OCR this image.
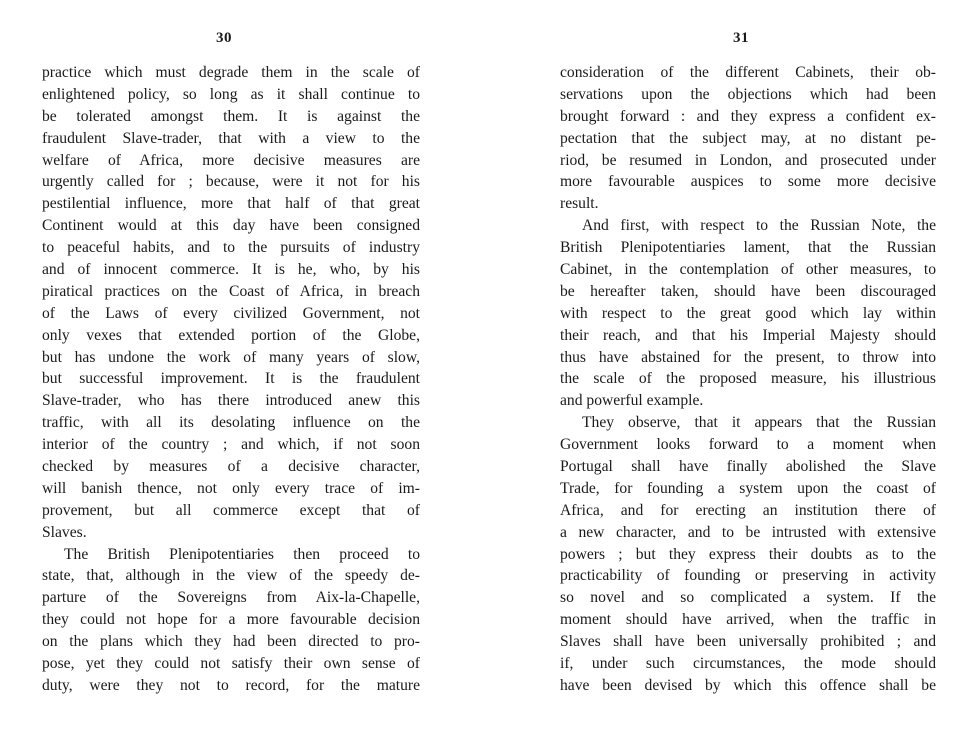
30
practice which must degrade them in the scale of
enlightened policy, so long as it shall continue to
be tolerated amongst them. It is against the
fraudulent Slave-trader, that with a view to the
welfare of Africa, more decisive measures are
urgently called for ; because, were it not for his
pestilential influence, more that half of that great
Continent would at this day have been consigned
to peaceful habits, and to the pursuits of industry
and of innocent commerce. It is he, who, by his
piratical practices on the Coast of Africa, in breach
of the Laws of every civilized Government, not
only vexes that extended portion of the Globe,
but has undone the work of many years of slow,
but successful improvement. It is the fraudulent
Slave-trader, who has there introduced anew this
traffic, with all its desolating influence on the
interior of the country ; and which, if not soon
checked by measures of a decisive character,
will banish thence, not only every trace of im-
provement, but all commerce except that of
Slaves.
The British Plenipotentiaries then proceed to
state, that, although in the view of the speedy de-
parture of the Sovereigns from Aix-la-Chapelle,
they could not hope for a more favourable decision
on the plans which they had been directed to pro-
pose, yet they could not satisfy their own sense of
duty, were they not to record, for the mature
31
consideration of the different Cabinets, their ob-
servations upon the objections which had been
brought forward : and they express a confident ex-
pectation that the subject may, at no distant pe-
riod, be resumed in London, and prosecuted under
more favourable auspices to some more decisive
result.
And first, with respect to the Russian Note, the
British Plenipotentiaries lament, that the Russian
Cabinet, in the contemplation of other measures, to
be hereafter taken, should have been discouraged
with respect to the great good which lay within
their reach, and that his Imperial Majesty should
thus have abstained for the present, to throw into
the scale of the proposed measure, his illustrious
and powerful example.
They observe, that it appears that the Russian
Government looks forward to a moment when
Portugal shall have finally abolished the Slave
Trade, for founding a system upon the coast of
Africa, and for erecting an institution there of
a new character, and to be intrusted with extensive
powers ; but they express their doubts as to the
practicability of founding or preserving in activity
so novel and so complicated a system. If the
moment should have arrived, when the traffic in
Slaves shall have been universally prohibited ; and
if, under such circumstances, the mode should
have been devised by which this offence shall be
